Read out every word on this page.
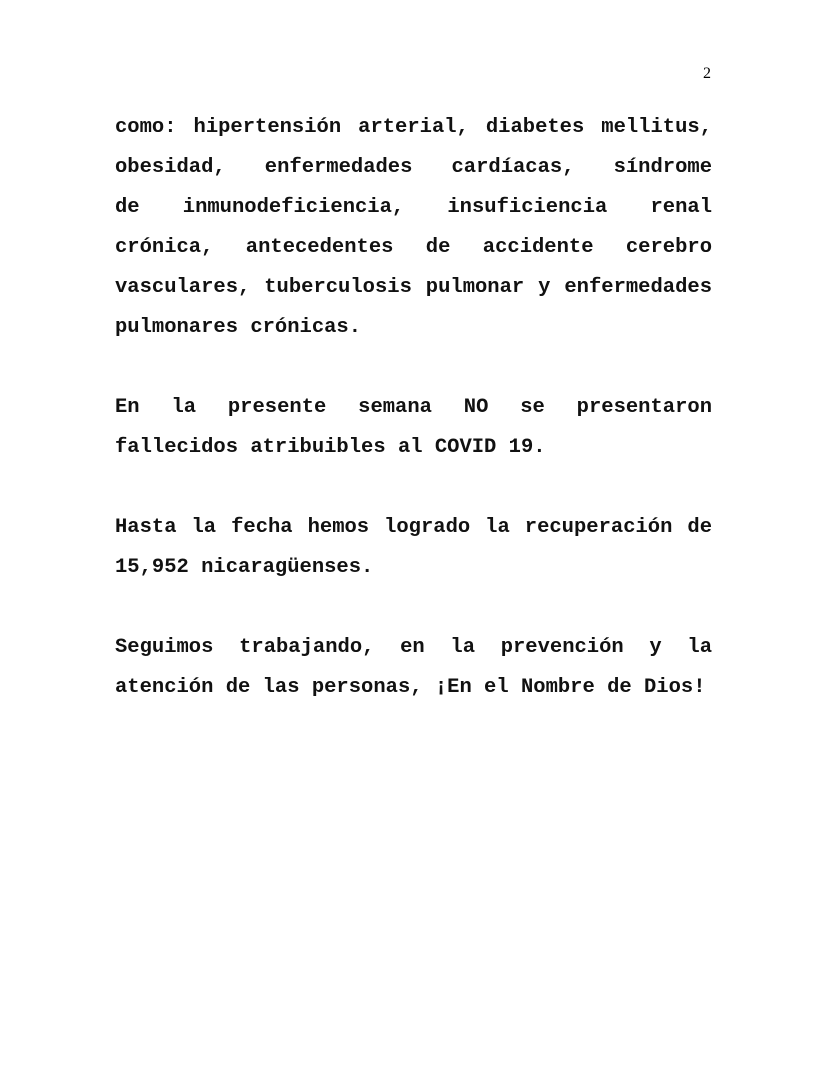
2
como: hipertensión arterial, diabetes mellitus,
obesidad, enfermedades cardíacas, síndrome
de inmunodeficiencia, insuficiencia renal
crónica, antecedentes de accidente cerebro
vasculares, tuberculosis pulmonar y enfermedades
pulmonares crónicas.
En la presente semana NO se presentaron
fallecidos atribuibles al COVID 19.
Hasta la fecha hemos logrado la recuperación de
15,952 nicaragüenses.
Seguimos trabajando, en la prevención y la
atención de las personas, ¡En el Nombre de Dios!
